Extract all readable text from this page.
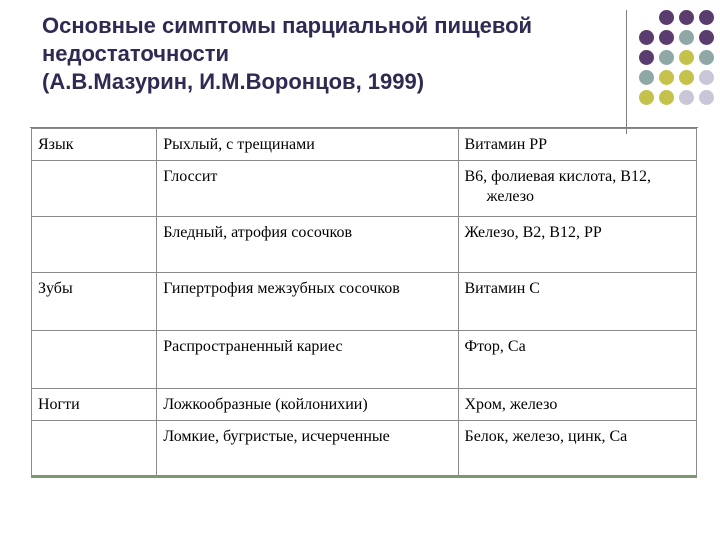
Основные симптомы парциальной пищевой
недостаточности
(А.В.Мазурин, И.М.Воронцов, 1999)
Язык	Рыхлый, с трещинами	Витамин РР
	Глоссит	В6, фолиевая кислота, В12, железо

	Бледный, атрофия сосочков	Железо, В2, В12, РР
Зубы	Гипертрофия межзубных сосочков	Витамин С
	Распространенный кариес	Фтор, Са
Ногти	Ложкообразные (койлонихии)	Хром, железо
	Ломкие, бугристые, исчерченные	Белок, железо, цинк, Са
